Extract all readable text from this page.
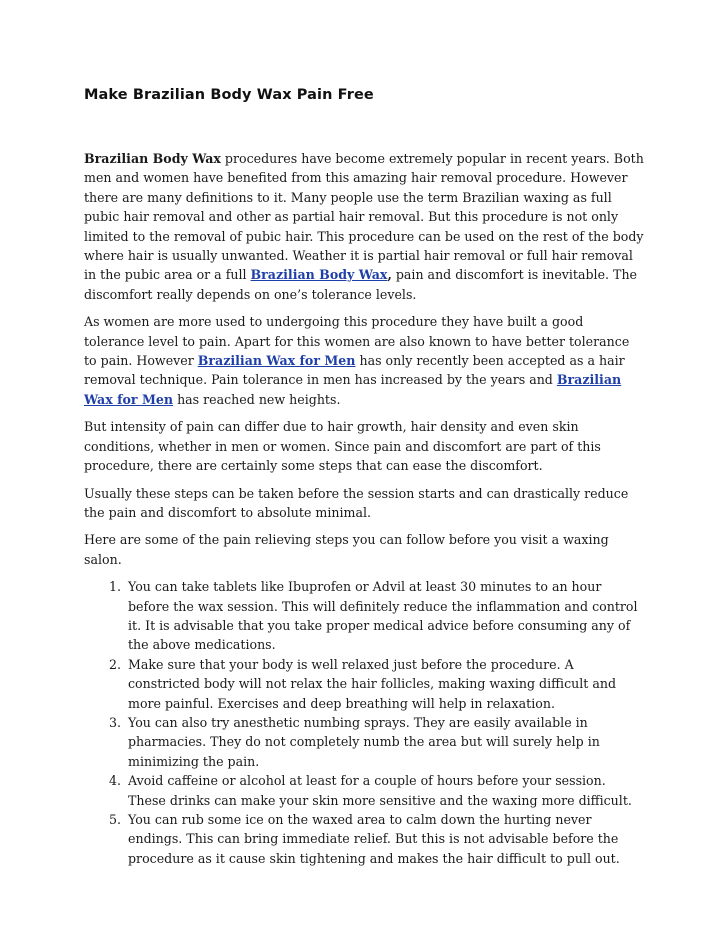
Make Brazilian Body Wax Pain Free

Brazilian Body Wax procedures have become extremely popular in recent years. Both men and women have benefited from this amazing hair removal procedure. However there are many definitions to it. Many people use the term Brazilian waxing as full pubic hair removal and other as partial hair removal. But this procedure is not only limited to the removal of pubic hair. This procedure can be used on the rest of the body where hair is usually unwanted. Weather it is partial hair removal or full hair removal in the pubic area or a full Brazilian Body Wax, pain and discomfort is inevitable. The discomfort really depends on one’s tolerance levels.

As women are more used to undergoing this procedure they have built a good tolerance level to pain. Apart for this women are also known to have better tolerance to pain. However Brazilian Wax for Men has only recently been accepted as a hair removal technique. Pain tolerance in men has increased by the years and Brazilian Wax for Men has reached new heights.

But intensity of pain can differ due to hair growth, hair density and even skin conditions, whether in men or women. Since pain and discomfort are part of this procedure, there are certainly some steps that can ease the discomfort.

Usually these steps can be taken before the session starts and can drastically reduce the pain and discomfort to absolute minimal.

Here are some of the pain relieving steps you can follow before you visit a waxing salon.

1. You can take tablets like Ibuprofen or Advil at least 30 minutes to an hour before the wax session. This will definitely reduce the inflammation and control it. It is advisable that you take proper medical advice before consuming any of the above medications.
2. Make sure that your body is well relaxed just before the procedure. A constricted body will not relax the hair follicles, making waxing difficult and more painful. Exercises and deep breathing will help in relaxation.
3. You can also try anesthetic numbing sprays. They are easily available in pharmacies. They do not completely numb the area but will surely help in minimizing the pain.
4. Avoid caffeine or alcohol at least for a couple of hours before your session. These drinks can make your skin more sensitive and the waxing more difficult.
5. You can rub some ice on the waxed area to calm down the hurting never endings. This can bring immediate relief. But this is not advisable before the procedure as it cause skin tightening and makes the hair difficult to pull out.
